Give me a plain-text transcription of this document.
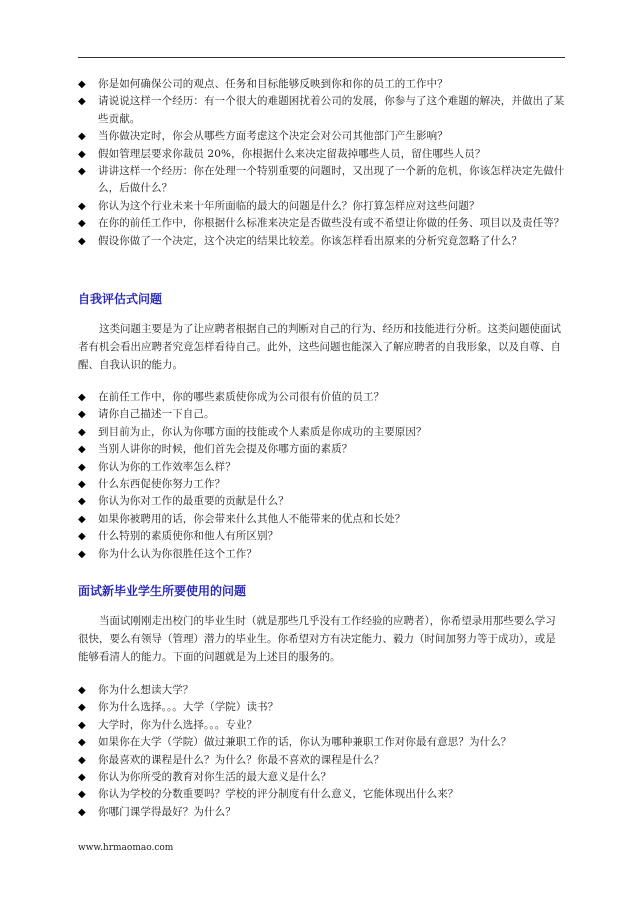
◆ 你是如何确保公司的观点、任务和目标能够反映到你和你的员工的工作中？
◆ 请说说这样一个经历：有一个很大的难题困扰着公司的发展，你参与了这个难题的解决，并做出了某些贡献。
◆ 当你做决定时，你会从哪些方面考虑这个决定会对公司其他部门产生影响？
◆ 假如管理层要求你裁员 20%，你根据什么来决定留裁掉哪些人员，留住哪些人员？
◆ 讲讲这样一个经历：你在处理一个特别重要的问题时，又出现了一个新的危机，你该怎样决定先做什么，后做什么？
◆ 你认为这个行业未来十年所面临的最大的问题是什么？你打算怎样应对这些问题？
◆ 在你的前任工作中，你根据什么标准来决定是否做些没有或不希望让你做的任务、项目以及责任等？
◆ 假设你做了一个决定，这个决定的结果比较差。你该怎样看出原来的分析究竟忽略了什么？
自我评估式问题

这类问题主要是为了让应聘者根据自己的判断对自己的行为、经历和技能进行分析。这类问题使面试者有机会看出应聘者究竟怎样看待自己。此外，这些问题也能深入了解应聘者的自我形象，以及自尊、自醒、自我认识的能力。

◆ 在前任工作中，你的哪些素质使你成为公司很有价值的员工？
◆ 请你自己描述一下自己。
◆ 到目前为止，你认为你哪方面的技能或个人素质是你成功的主要原因？
◆ 当别人讲你的时候，他们首先会提及你哪方面的素质？
◆ 你认为你的工作效率怎么样？
◆ 什么东西促使你努力工作？
◆ 你认为你对工作的最重要的贡献是什么？
◆ 如果你被聘用的话，你会带来什么其他人不能带来的优点和长处？
◆ 什么特别的素质使你和他人有所区别？
◆ 你为什么认为你很胜任这个工作？
面试新毕业学生所要使用的问题

当面试刚刚走出校门的毕业生时（就是那些几乎没有工作经验的应聘者），你希望录用那些要么学习很快，要么有领导（管理）潜力的毕业生。你希望对方有决定能力、毅力（时间加努力等于成功），或是能够看清人的能力。下面的问题就是为上述目的服务的。

◆ 你为什么想读大学？
◆ 你为什么选择。。。大学（学院）读书？
◆ 大学时，你为什么选择。。。专业？
◆ 如果你在大学（学院）做过兼职工作的话，你认为哪种兼职工作对你最有意思？为什么？
◆ 你最喜欢的课程是什么？为什么？你最不喜欢的课程是什么？
◆ 你认为你所受的教育对你生活的最大意义是什么？
◆ 你认为学校的分数重要吗？学校的评分制度有什么意义，它能体现出什么来？
◆ 你哪门课学得最好？为什么？
www.hrmaomao.com
